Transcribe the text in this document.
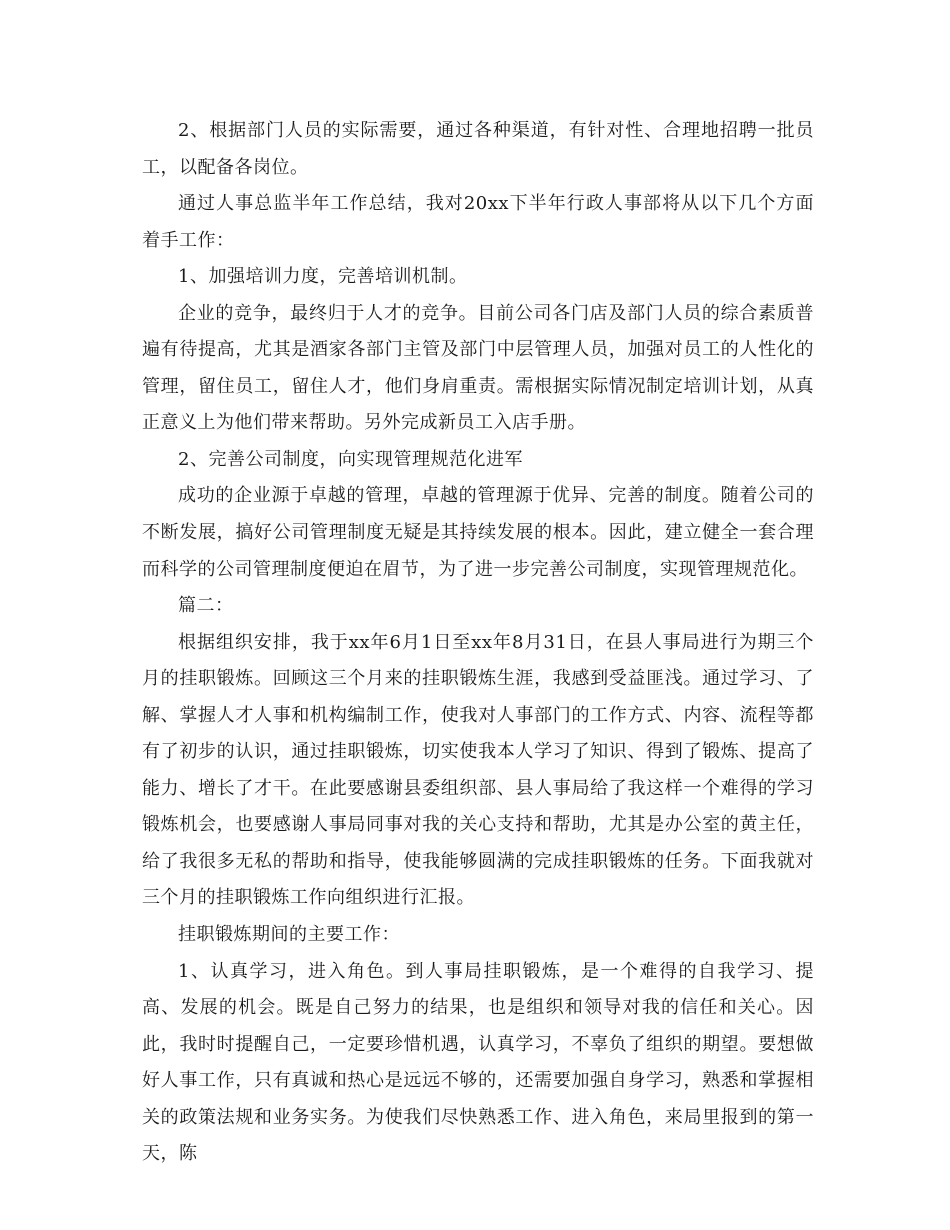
2、根据部门人员的实际需要，通过各种渠道，有针对性、合理地招聘一批员工，以配备各岗位。

通过人事总监半年工作总结，我对20xx下半年行政人事部将从以下几个方面着手工作：

1、加强培训力度，完善培训机制。

企业的竞争，最终归于人才的竞争。目前公司各门店及部门人员的综合素质普遍有待提高，尤其是酒家各部门主管及部门中层管理人员，加强对员工的人性化的管理，留住员工，留住人才，他们身肩重责。需根据实际情况制定培训计划，从真正意义上为他们带来帮助。另外完成新员工入店手册。

2、完善公司制度，向实现管理规范化进军

成功的企业源于卓越的管理，卓越的管理源于优异、完善的制度。随着公司的不断发展，搞好公司管理制度无疑是其持续发展的根本。因此，建立健全一套合理而科学的公司管理制度便迫在眉节，为了进一步完善公司制度，实现管理规范化。

篇二：

根据组织安排，我于xx年6月1日至xx年8月31日，在县人事局进行为期三个月的挂职锻炼。回顾这三个月来的挂职锻炼生涯，我感到受益匪浅。通过学习、了解、掌握人才人事和机构编制工作，使我对人事部门的工作方式、内容、流程等都有了初步的认识，通过挂职锻炼，切实使我本人学习了知识、得到了锻炼、提高了能力、增长了才干。在此要感谢县委组织部、县人事局给了我这样一个难得的学习锻炼机会，也要感谢人事局同事对我的关心支持和帮助，尤其是办公室的黄主任，给了我很多无私的帮助和指导，使我能够圆满的完成挂职锻炼的任务。下面我就对三个月的挂职锻炼工作向组织进行汇报。

挂职锻炼期间的主要工作：

1、认真学习，进入角色。到人事局挂职锻炼，是一个难得的自我学习、提高、发展的机会。既是自己努力的结果，也是组织和领导对我的信任和关心。因此，我时时提醒自己，一定要珍惜机遇，认真学习，不辜负了组织的期望。要想做好人事工作，只有真诚和热心是远远不够的，还需要加强自身学习，熟悉和掌握相关的政策法规和业务实务。为使我们尽快熟悉工作、进入角色，来局里报到的第一天，陈
